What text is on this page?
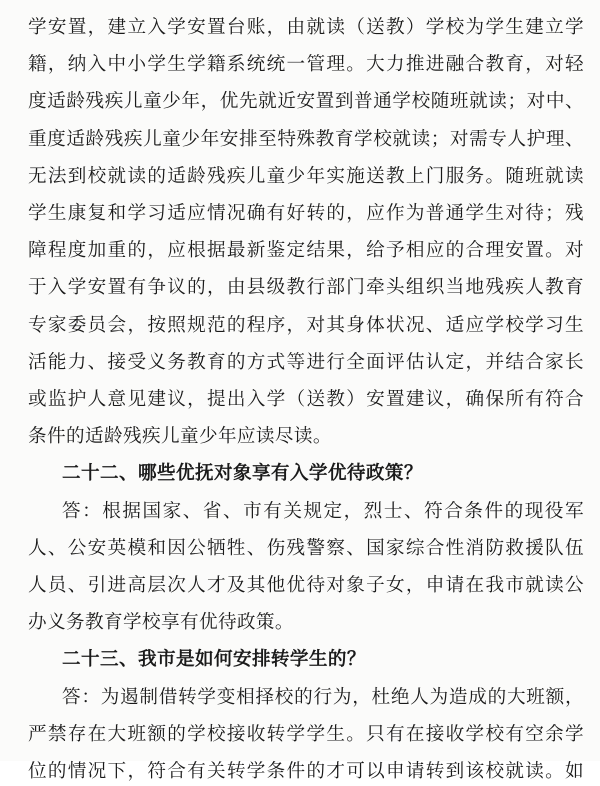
学安置，建立入学安置台账，由就读（送教）学校为学生建立学
籍，纳入中小学生学籍系统统一管理。大力推进融合教育，对轻
度适龄残疾儿童少年，优先就近安置到普通学校随班就读；对中、
重度适龄残疾儿童少年安排至特殊教育学校就读；对需专人护理、
无法到校就读的适龄残疾儿童少年实施送教上门服务。随班就读
学生康复和学习适应情况确有好转的，应作为普通学生对待；残
障程度加重的，应根据最新鉴定结果，给予相应的合理安置。对
于入学安置有争议的，由县级教行部门牵头组织当地残疾人教育
专家委员会，按照规范的程序，对其身体状况、适应学校学习生
活能力、接受义务教育的方式等进行全面评估认定，并结合家长
或监护人意见建议，提出入学（送教）安置建议，确保所有符合
条件的适龄残疾儿童少年应读尽读。
二十二、哪些优抚对象享有入学优待政策？
答：根据国家、省、市有关规定，烈士、符合条件的现役军
人、公安英模和因公牺牲、伤残警察、国家综合性消防救援队伍
人员、引进高层次人才及其他优待对象子女，申请在我市就读公
办义务教育学校享有优待政策。
二十三、我市是如何安排转学生的？
答：为遏制借转学变相择校的行为，杜绝人为造成的大班额，
严禁存在大班额的学校接收转学学生。只有在接收学校有空余学
位的情况下，符合有关转学条件的才可以申请转到该校就读。如
